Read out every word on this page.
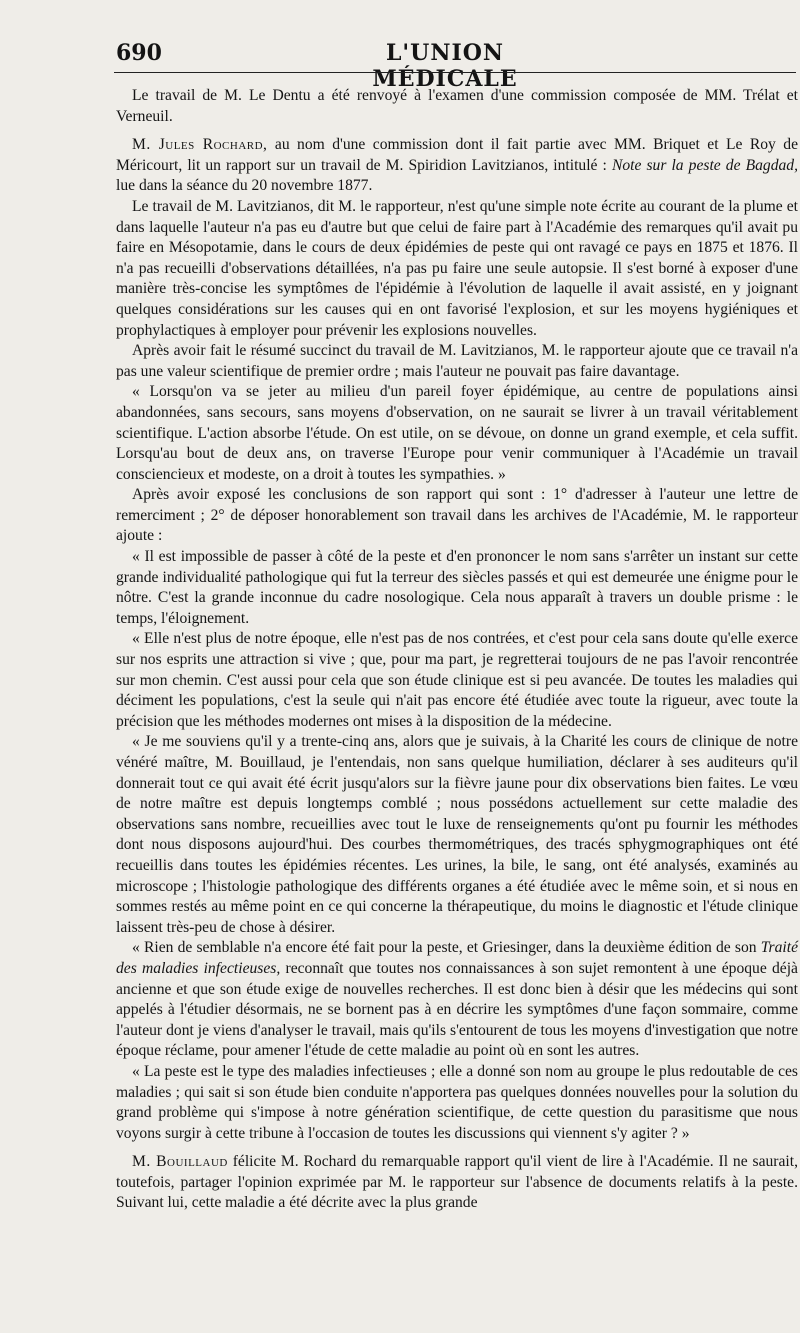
690	L'UNION MÉDICALE

Le travail de M. Le Dentu a été renvoyé à l'examen d'une commission composée de MM. Trélat et Verneuil.

M. Jules Rochard, au nom d'une commission dont il fait partie avec MM. Briquet et Le Roy de Méricourt, lit un rapport sur un travail de M. Spiridion Lavitzianos, intitulé : Note sur la peste de Bagdad, lue dans la séance du 20 novembre 1877.

Le travail de M. Lavitzianos, dit M. le rapporteur, n'est qu'une simple note écrite au courant de la plume et dans laquelle l'auteur n'a pas eu d'autre but que celui de faire part à l'Académie des remarques qu'il avait pu faire en Mésopotamie, dans le cours de deux épidémies de peste qui ont ravagé ce pays en 1875 et 1876. Il n'a pas recueilli d'observations détaillées, n'a pas pu faire une seule autopsie. Il s'est borné à exposer d'une manière très-concise les symptômes de l'épidémie à l'évolution de laquelle il avait assisté, en y joignant quelques considérations sur les causes qui en ont favorisé l'explosion, et sur les moyens hygiéniques et prophylactiques à employer pour prévenir les explosions nouvelles.

Après avoir fait le résumé succinct du travail de M. Lavitzianos, M. le rapporteur ajoute que ce travail n'a pas une valeur scientifique de premier ordre ; mais l'auteur ne pouvait pas faire davantage.

« Lorsqu'on va se jeter au milieu d'un pareil foyer épidémique, au centre de populations ainsi abandonnées, sans secours, sans moyens d'observation, on ne saurait se livrer à un travail véritablement scientifique. L'action absorbe l'étude. On est utile, on se dévoue, on donne un grand exemple, et cela suffit. Lorsqu'au bout de deux ans, on traverse l'Europe pour venir communiquer à l'Académie un travail consciencieux et modeste, on a droit à toutes les sympathies. »

Après avoir exposé les conclusions de son rapport qui sont : 1° d'adresser à l'auteur une lettre de remerciment ; 2° de déposer honorablement son travail dans les archives de l'Académie, M. le rapporteur ajoute :

« Il est impossible de passer à côté de la peste et d'en prononcer le nom sans s'arrêter un instant sur cette grande individualité pathologique qui fut la terreur des siècles passés et qui est demeurée une énigme pour le nôtre. C'est la grande inconnue du cadre nosologique. Cela nous apparaît à travers un double prisme : le temps, l'éloignement.

« Elle n'est plus de notre époque, elle n'est pas de nos contrées, et c'est pour cela sans doute qu'elle exerce sur nos esprits une attraction si vive ; que, pour ma part, je regretterai toujours de ne pas l'avoir rencontrée sur mon chemin. C'est aussi pour cela que son étude clinique est si peu avancée. De toutes les maladies qui déciment les populations, c'est la seule qui n'ait pas encore été étudiée avec toute la rigueur, avec toute la précision que les méthodes modernes ont mises à la disposition de la médecine.

« Je me souviens qu'il y a trente-cinq ans, alors que je suivais, à la Charité les cours de clinique de notre vénéré maître, M. Bouillaud, je l'entendais, non sans quelque humiliation, déclarer à ses auditeurs qu'il donnerait tout ce qui avait été écrit jusqu'alors sur la fièvre jaune pour dix observations bien faites. Le vœu de notre maître est depuis longtemps comblé ; nous possédons actuellement sur cette maladie des observations sans nombre, recueillies avec tout le luxe de renseignements qu'ont pu fournir les méthodes dont nous disposons aujourd'hui. Des courbes thermométriques, des tracés sphygmographiques ont été recueillis dans toutes les épidémies récentes. Les urines, la bile, le sang, ont été analysés, examinés au microscope ; l'histologie pathologique des différents organes a été étudiée avec le même soin, et si nous en sommes restés au même point en ce qui concerne la thérapeutique, du moins le diagnostic et l'étude clinique laissent très-peu de chose à désirer.

« Rien de semblable n'a encore été fait pour la peste, et Griesinger, dans la deuxième édition de son Traité des maladies infectieuses, reconnaît que toutes nos connaissances à son sujet remontent à une époque déjà ancienne et que son étude exige de nouvelles recherches. Il est donc bien à désir que les médecins qui sont appelés à l'étudier désormais, ne se bornent pas à en décrire les symptômes d'une façon sommaire, comme l'auteur dont je viens d'analyser le travail, mais qu'ils s'entourent de tous les moyens d'investigation que notre époque réclame, pour amener l'étude de cette maladie au point où en sont les autres.

« La peste est le type des maladies infectieuses ; elle a donné son nom au groupe le plus redoutable de ces maladies ; qui sait si son étude bien conduite n'apportera pas quelques données nouvelles pour la solution du grand problème qui s'impose à notre génération scientifique, de cette question du parasitisme que nous voyons surgir à cette tribune à l'occasion de toutes les discussions qui viennent s'y agiter ? »

M. Bouillaud félicite M. Rochard du remarquable rapport qu'il vient de lire à l'Académie. Il ne saurait, toutefois, partager l'opinion exprimée par M. le rapporteur sur l'absence de documents relatifs à la peste. Suivant lui, cette maladie a été décrite avec la plus grande
